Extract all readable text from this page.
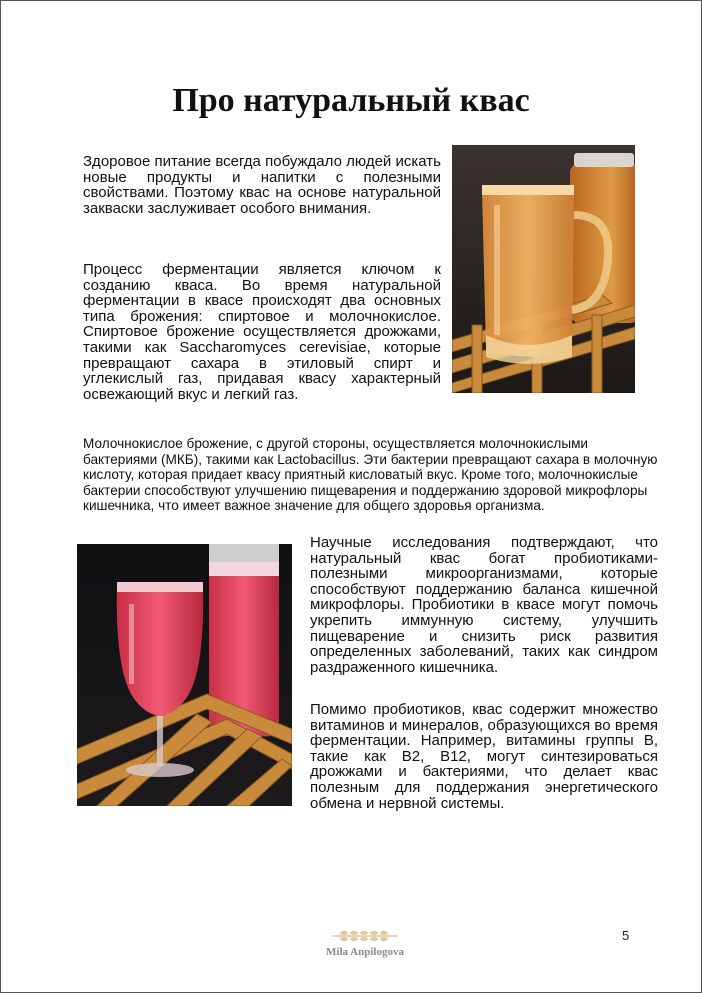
Про натуральный квас

Здоровое питание всегда побуждало людей искать новые продукты и напитки с полезными свойствами. Поэтому квас на основе натуральной закваски заслуживает особого внимания.

Процесс ферментации является ключом к созданию кваса. Во время натуральной ферментации в квасе происходят два основных типа брожения: спиртовое и молочнокислое. Спиртовое брожение осуществляется дрожжами, такими как Saccharomyces cerevisiae, которые превращают сахара в этиловый спирт и углекислый газ, придавая квасу характерный освежающий вкус и легкий газ.

Молочнокислое брожение, с другой стороны, осуществляется молочнокислыми бактериями (МКБ), такими как Lactobacillus. Эти бактерии превращают сахара в молочную кислоту, которая придает квасу приятный кисловатый вкус. Кроме того, молочнокислые бактерии способствуют улучшению пищеварения и поддержанию здоровой микрофлоры кишечника, что имеет важное значение для общего здоровья организма.

Научные исследования подтверждают, что натуральный квас богат пробиотиками-полезными микроорганизмами, которые способствуют поддержанию баланса кишечной микрофлоры. Пробиотики в квасе могут помочь укрепить иммунную систему, улучшить пищеварение и снизить риск развития определенных заболеваний, таких как синдром раздраженного кишечника.

Помимо пробиотиков, квас содержит множество витаминов и минералов, образующихся во время ферментации. Например, витамины группы В, такие как В2, В12, могут синтезироваться дрожжами и бактериями, что делает квас полезным для поддержания энергетического обмена и нервной системы.

Mila Anpilogova
5
